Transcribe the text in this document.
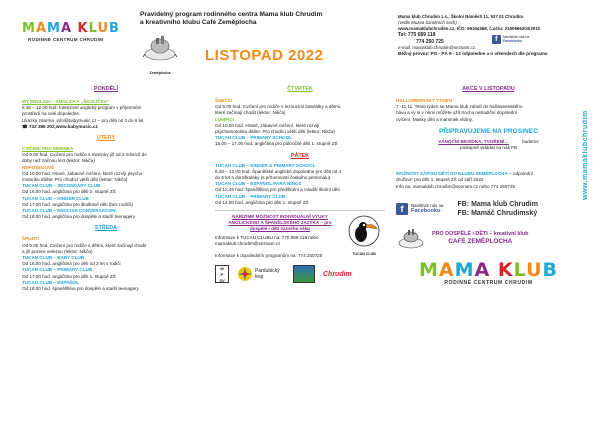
MAMA KLUB
RODINNÉ CENTRUM CHRUDIM
Pravidelný program rodinného centra Mama klub Chrudim
a kreativního klubu Café Zeměplocha
Zeměplocha
LISTOPAD 2022
Mama klub Chrudim z.s., Školní Náměstí 11, 537 01 Chrudim
(vedle Muzea barokních soch)
www.mamaklubchrudim.cz, IČO: 69154368, č.účtu: 2100666204/2010
Tel: 775 689 118
774 250 725	f	Navštivte nás na
Facebooku
e-mail: mamaklub.chrudim@seznam.cz
Běžný provoz: PO - PÁ 9 - 12 odpoledne a o víkendech dle programu
PONDĚLÍ
MY ENGLISH – ANGLICKÁ „ŠKOLIČKA"
8.30 – 12.00 hod. Intenzivní anglický program v příjemném
prostředí na celé dopoledne.
Ukázka zdarma. info@babymusic.cz – pro děti od 3 do 6 let.
☎ 732 385 202,www.babymusic.cz
ÚTERÝ
CVIČENÍ PRO MIMINKA
Od 9.00 hod. Cvičení pro rodiče s miminky již od 3 měsíců do
doby než začnou lézt (lektor: Nikča)
NEPOSEDOVÉ
Od 10.00 hod. Hravé, zábavné cvičení, které rozvíjí psycho-
motoriku dítěte. Pro chodící větší děti (lektor: Nikča)
TUCAN CLUB – SECONDARY CLUB
Od 16.00 hod. angličtina pro děti 2. stupně ZŠ
TUCAN CLUB – KINDER CLUB
Od 17.00 hod. angličtina pro školkové děti (bez rodičů)
TUCAN CLUB – ENGLISH CONVERSATION
Od 18.00 hod. angličtina pro dospělé a starší teenagery
STŘEDA
ŠPUNTI
Od 9.00 hod. Cvičení pro rodiče s dětmi, které začínají chodit
a jiš pozere nelezou (lektor: Nikča)
TUCAN CLUB – BABY CLUB
Od 16.00 hod. angličtina pro děti od 2 let s rodiči
TUCAN CLUB – PRIMARY CLUB
Od 17.00 hod. angličtina pro děti 1. stupně ZŠ
TUCAN CLUB – ESPAÑOL
Od 18.00 hod. španělština pro dospělé a starší teenagery
ČTVRTEK
ŠNEČCI
Od 9.00 hod. Cvičení pro rodiče s lezoucími batolátky a dětmi,
které začínají chodit (lektor: Nikča)
LUMPÍCI
Od 10.00 hod. Hravé, zábavné cvičení, které rozvíjí
psychomotoriku dítěte. Pro chodící větší děti (lektor: Nikča)
TUCAN CLUB – PRIMARY SCHOOL
15.00 – 17.00 hod. angličtina pro pokročilé děti 1. stupně ZŠ
PÁTEK
TUCAN CLUB – KINDER & PRIMARY SCHOOL
8.30 – 12.00 hod. Španělské anglické dopoledne pro děti od 4
do 6 let a domškoláky (s přítomností českého personálu).
TUCAN CLUB – ESPAÑOL PARA NIÑOS
Od 12.45 hod. španělština pro předškolní a mladší školní děti
TUCAN CLUB – PRIMARY CLUB
Od 14.00 hod. angličtina pro děti 1. stupně ZŠ
NABÍZÍME MOŽNOST INDIVIDUÁLNÍ VÝUKY
ANGLICKÉHO A ŠPANĚLSKÉHO JAZYKA – pro
dospělé i děti různého věku
Informace k TUCAN CLUBU na: 775 689 118 nebo
mamaklub.chrudim@seznam.cz
Informace k dopoledním programům na: 774 250725	TUCAN CLUB
M
P
SV
Pardubický kraj	Chrudim
AKCE V LISTOPADU
HALLOWEENSKÝ TÝDEN
7.-11.11. Tento týden se Mama klub zahalí do halloweenského
hávu a vy si v němi můžete užít trochu netradiční dopolední
cvičení. Masky děti a maminek vítány.
PŘIPRAVUJEME NA PROSINEC
VÁNOČNÍ BESÍDKA, TVOŘENÍ…	budeme
postupně vkládat na náš FB
MOŽNOST ZÁPISU DĚTÍ DO KLUBU ZEMĚPLOCHA – odpolední
družina* pro děti 1. stupně ZŠ od září 2022
Info na: mamaklub.chrudim@seznam.cz nebo 774 250725
f	Navštivte nás na
Facebooku
FB: Mama klub Chrudim
FB: Mamáč Chrudimský
PRO DOSPĚLÉ i DĚTI – kreativní klub
CAFÉ ZEMĚPLOCHA
MAMA KLUB
RODINNÉ CENTRUM CHRUDIM
www.mamaklubchrudim
